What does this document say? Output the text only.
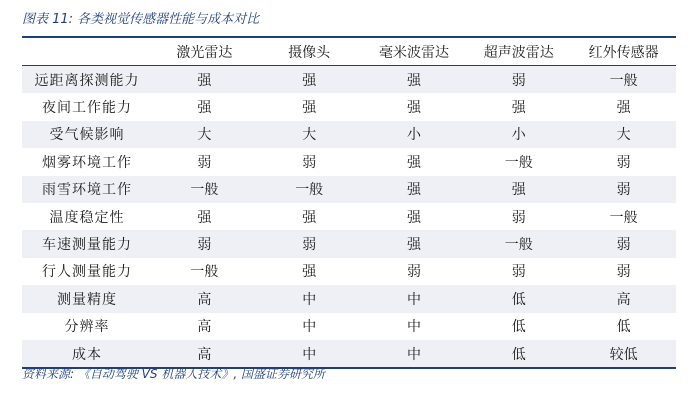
图表 11: 各类视觉传感器性能与成本对比
	激光雷达	摄像头	毫米波雷达	超声波雷达	红外传感器
远距离探测能力	强	强	强	弱	一般
夜间工作能力	强	强	强	强	强
受气候影响	大	大	小	小	大
烟雾环境工作	弱	弱	强	一般	弱
雨雪环境工作	一般	一般	强	强	弱
温度稳定性	强	强	强	弱	一般
车速测量能力	弱	弱	强	一般	弱
行人测量能力	一般	强	弱	弱	弱
测量精度	高	中	中	低	高
分辨率	高	中	中	低	低
成本	高	中	中	低	较低
资料来源: 《自动驾驶 VS 机器人技术》, 国盛证券研究所
